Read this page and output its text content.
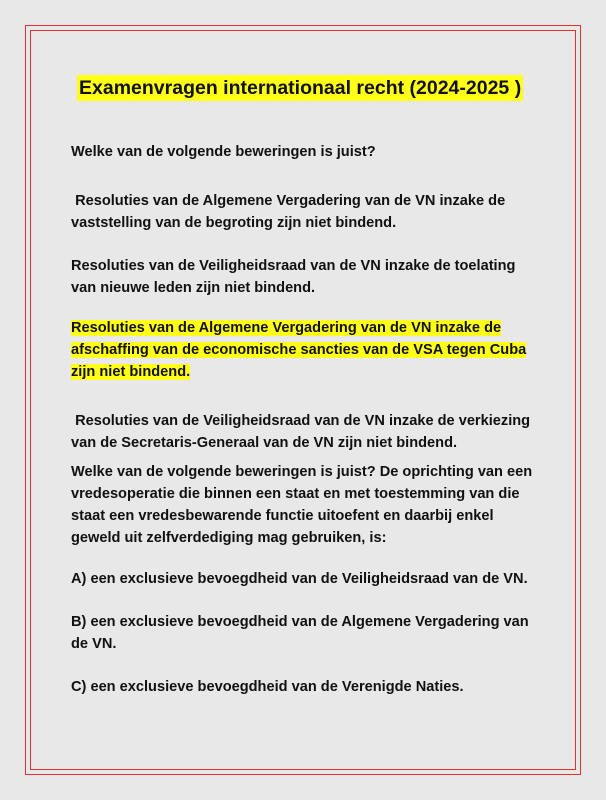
Examenvragen internationaal recht (2024-2025 )
Welke van de volgende beweringen is juist?
Resoluties van de Algemene Vergadering van de VN inzake de vaststelling van de begroting zijn niet bindend.
Resoluties van de Veiligheidsraad van de VN inzake de toelating van nieuwe leden zijn niet bindend.
Resoluties van de Algemene Vergadering van de VN inzake de afschaffing van de economische sancties van de VSA tegen Cuba zijn niet bindend.
Resoluties van de Veiligheidsraad van de VN inzake de verkiezing van de Secretaris-Generaal van de VN zijn niet bindend.
Welke van de volgende beweringen is juist? De oprichting van een vredesoperatie die binnen een staat en met toestemming van die staat een vredesbewarende functie uitoefent en daarbij enkel geweld uit zelfverdediging mag gebruiken, is:
A) een exclusieve bevoegdheid van de Veiligheidsraad van de VN.
B) een exclusieve bevoegdheid van de Algemene Vergadering van de VN.
C) een exclusieve bevoegdheid van de Verenigde Naties.
